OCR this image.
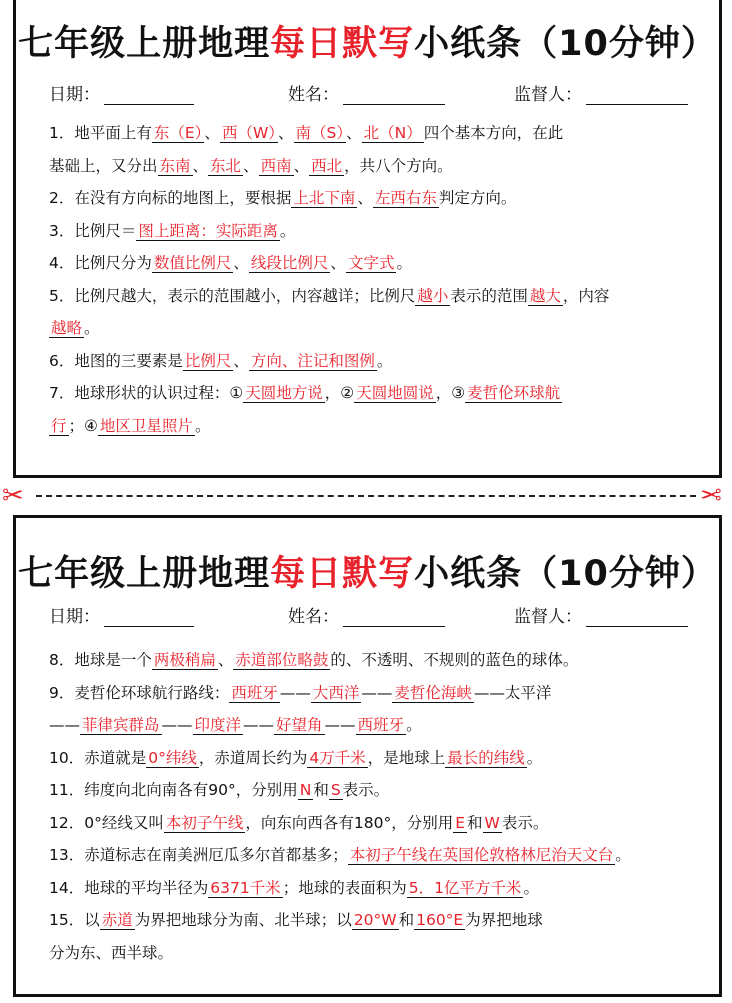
七年级上册地理每日默写小纸条（10分钟）
日期：	姓名：	监督人：
1．地平面上有 东（E） 、 西（W） 、 南（S） 、 北（N） 四个基本方向，在此
基础上，又分出 东南 、 东北 、 西南 、 西北 ，共八个方向。
2．在没有方向标的地图上，要根据 上北下南 、 左西右东 判定方向。
3．比例尺＝ 图上距离：实际距离 。
4．比例尺分为 数值比例尺 、 线段比例尺 、 文字式 。
5．比例尺越大，表示的范围越小，内容越详；比例尺 越小 表示的范围 越大 ，内容
越略 。
6．地图的三要素是 比例尺 、 方向、注记和图例 。
7．地球形状的认识过程：① 天圆地方说 ，② 天圆地圆说 ，③ 麦哲伦环球航
行 ；④ 地区卫星照片 。
✂	✂
七年级上册地理每日默写小纸条（10分钟）
日期：	姓名：	监督人：
8．地球是一个 两极稍扁 、 赤道部位略鼓 的、不透明、不规则的蓝色的球体。
9．麦哲伦环球航行路线： 西班牙 —— 大西洋 —— 麦哲伦海峡 ——太平洋
—— 菲律宾群岛 —— 印度洋 —— 好望角 —— 西班牙 。
10．赤道就是 0°纬线 ，赤道周长约为 4万千米 ，是地球上 最长的纬线 。
11．纬度向北向南各有90°，分别用 N 和 S 表示。
12．0°经线又叫 本初子午线 ，向东向西各有180°，分别用 E 和 W 表示。
13．赤道标志在南美洲厄瓜多尔首都基多； 本初子午线在英国伦敦格林尼治天文台 。
14．地球的平均半径为 6371千米 ；地球的表面积为 5．1亿平方千米 。
15．以 赤道 为界把地球分为南、北半球；以 20°W 和 160°E 为界把地球
分为东、西半球。
